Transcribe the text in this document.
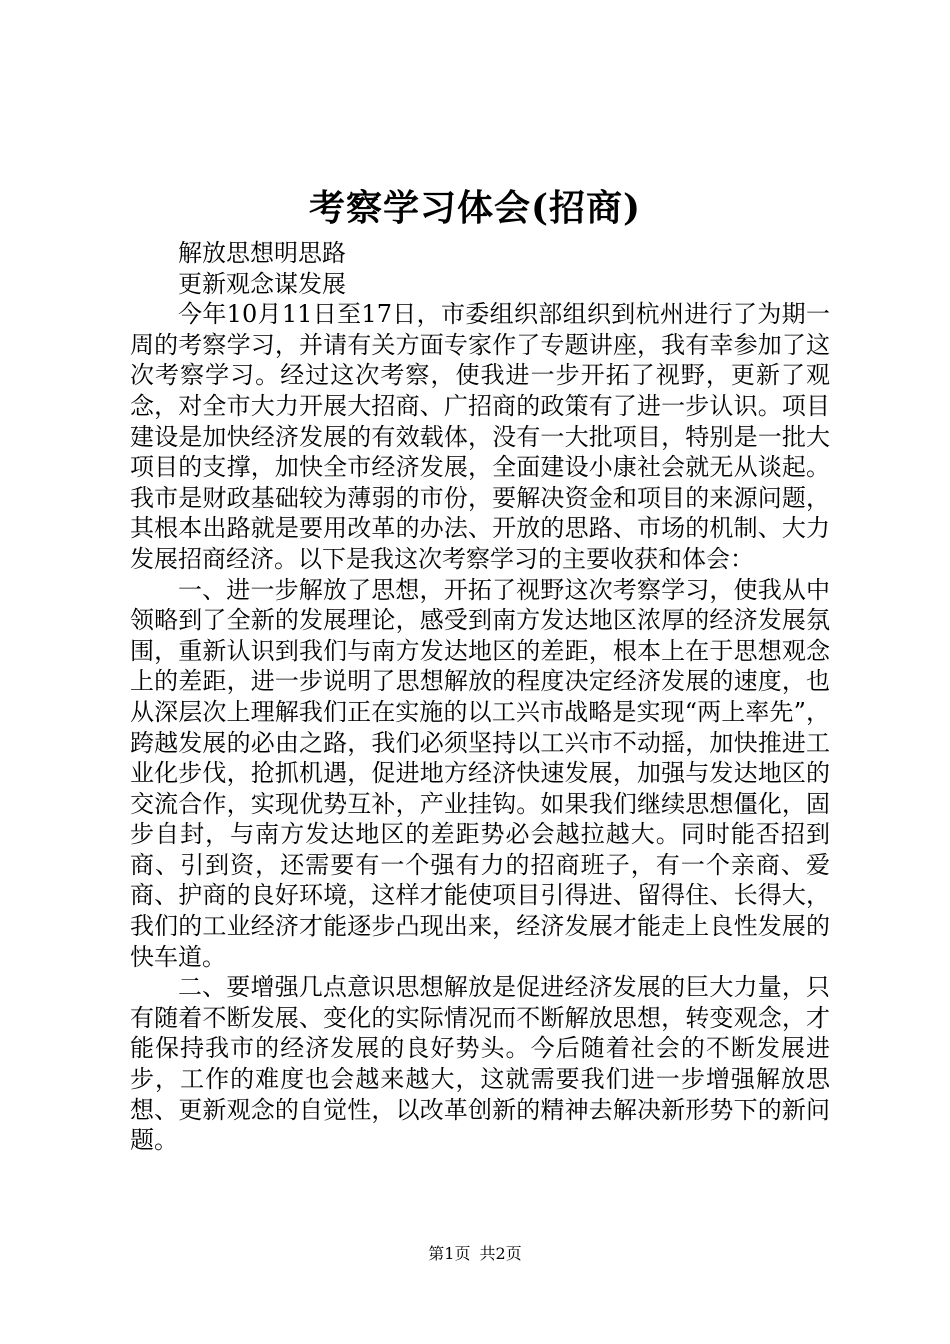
考察学习体会(招商)

解放思想明思路

更新观念谋发展

今年10月11日至17日，市委组织部组织到杭州进行了为期一周的考察学习，并请有关方面专家作了专题讲座，我有幸参加了这次考察学习。经过这次考察，使我进一步开拓了视野，更新了观念，对全市大力开展大招商、广招商的政策有了进一步认识。项目建设是加快经济发展的有效载体，没有一大批项目，特别是一批大项目的支撑，加快全市经济发展，全面建设小康社会就无从谈起。我市是财政基础较为薄弱的市份，要解决资金和项目的来源问题，其根本出路就是要用改革的办法、开放的思路、市场的机制、大力发展招商经济。以下是我这次考察学习的主要收获和体会：

一、进一步解放了思想，开拓了视野这次考察学习，使我从中领略到了全新的发展理论，感受到南方发达地区浓厚的经济发展氛围，重新认识到我们与南方发达地区的差距，根本上在于思想观念上的差距，进一步说明了思想解放的程度决定经济发展的速度，也从深层次上理解我们正在实施的以工兴市战略是实现“两上率先”，跨越发展的必由之路，我们必须坚持以工兴市不动摇，加快推进工业化步伐，抢抓机遇，促进地方经济快速发展，加强与发达地区的交流合作，实现优势互补，产业挂钩。如果我们继续思想僵化，固步自封，与南方发达地区的差距势必会越拉越大。同时能否招到商、引到资，还需要有一个强有力的招商班子，有一个亲商、爱商、护商的良好环境，这样才能使项目引得进、留得住、长得大，我们的工业经济才能逐步凸现出来，经济发展才能走上良性发展的快车道。

二、要增强几点意识思想解放是促进经济发展的巨大力量，只有随着不断发展、变化的实际情况而不断解放思想，转变观念，才能保持我市的经济发展的良好势头。今后随着社会的不断发展进步，工作的难度也会越来越大，这就需要我们进一步增强解放思想、更新观念的自觉性，以改革创新的精神去解决新形势下的新问题。

第1页 共2页
